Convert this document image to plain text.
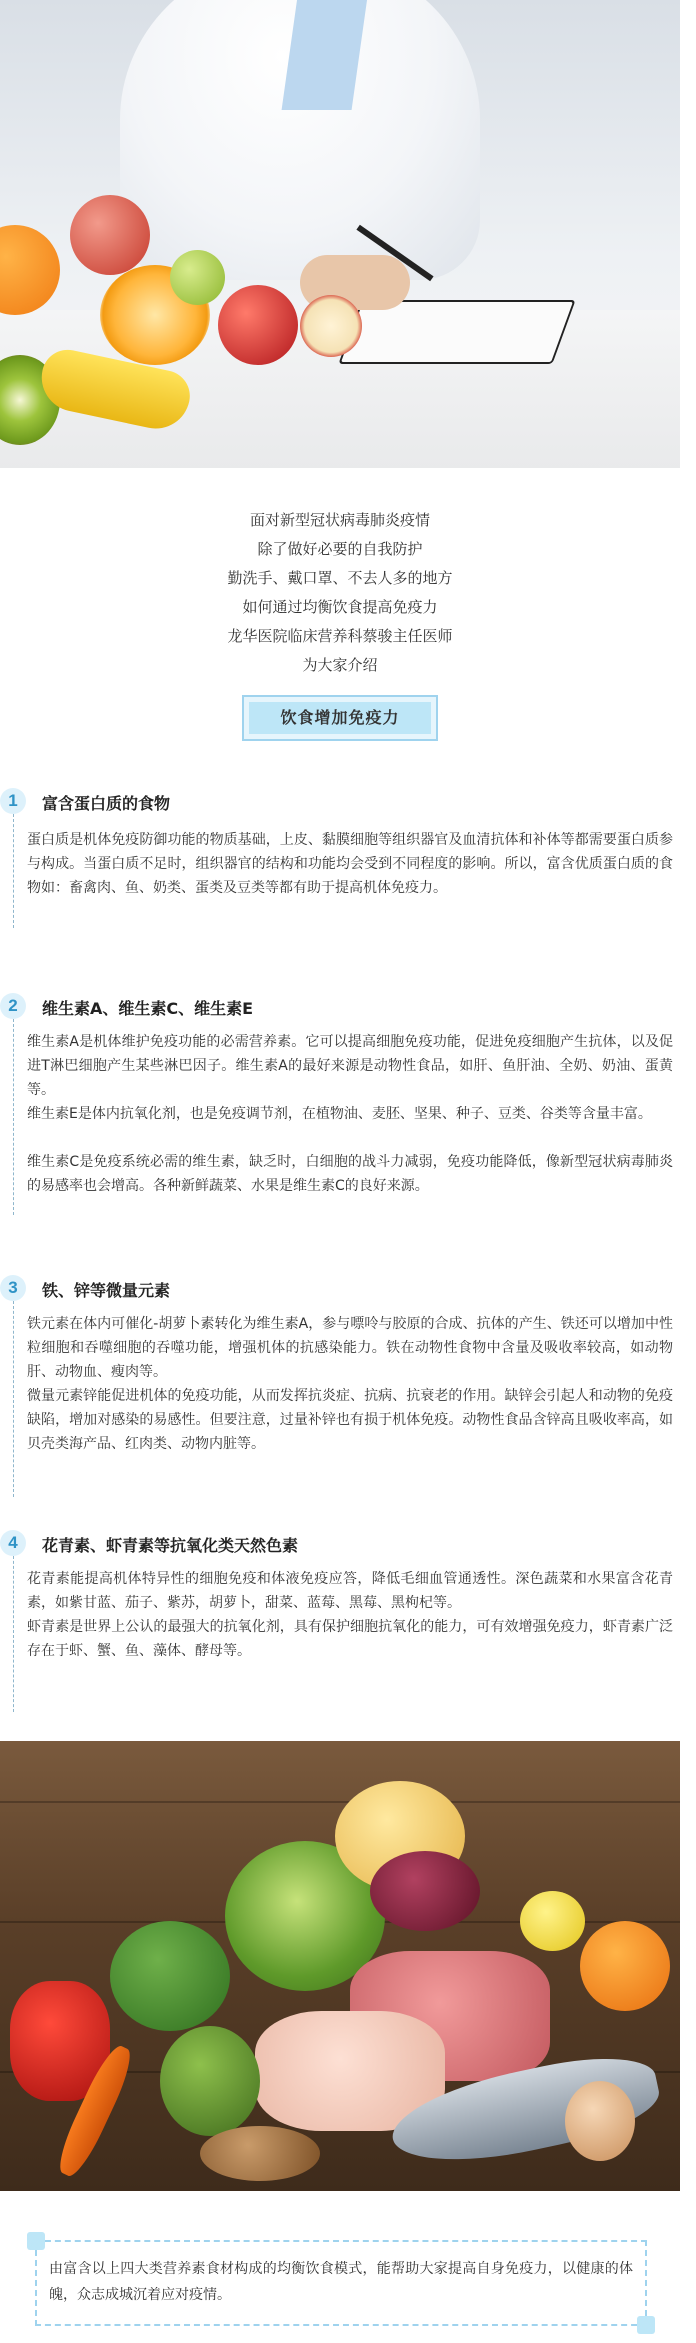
面对新型冠状病毒肺炎疫情
除了做好必要的自我防护
勤洗手、戴口罩、不去人多的地方
如何通过均衡饮食提高免疫力
龙华医院临床营养科蔡骏主任医师
为大家介绍
饮食增加免疫力
1	富含蛋白质的食物

蛋白质是机体免疫防御功能的物质基础，上皮、黏膜细胞等组织器官及血清抗体和补体等都需要蛋白质参与构成。当蛋白质不足时，组织器官的结构和功能均会受到不同程度的影响。所以，富含优质蛋白质的食物如：畜禽肉、鱼、奶类、蛋类及豆类等都有助于提高机体免疫力。

2	维生素A、维生素C、维生素E

维生素A是机体维护免疫功能的必需营养素。它可以提高细胞免疫功能，促进免疫细胞产生抗体，以及促进T淋巴细胞产生某些淋巴因子。维生素A的最好来源是动物性食品，如肝、鱼肝油、全奶、奶油、蛋黄等。

维生素E是体内抗氧化剂，也是免疫调节剂，在植物油、麦胚、坚果、种子、豆类、谷类等含量丰富。

维生素C是免疫系统必需的维生素，缺乏时，白细胞的战斗力减弱，免疫功能降低，像新型冠状病毒肺炎的易感率也会增高。各种新鲜蔬菜、水果是维生素C的良好来源。

3	铁、锌等微量元素

铁元素在体内可催化-胡萝卜素转化为维生素A，参与嘌呤与胶原的合成、抗体的产生、铁还可以增加中性粒细胞和吞噬细胞的吞噬功能，增强机体的抗感染能力。铁在动物性食物中含量及吸收率较高，如动物肝、动物血、瘦肉等。

微量元素锌能促进机体的免疫功能，从而发挥抗炎症、抗病、抗衰老的作用。缺锌会引起人和动物的免疫缺陷，增加对感染的易感性。但要注意，过量补锌也有损于机体免疫。动物性食品含锌高且吸收率高，如贝壳类海产品、红肉类、动物内脏等。

4	花青素、虾青素等抗氧化类天然色素

花青素能提高机体特异性的细胞免疫和体液免疫应答，降低毛细血管通透性。深色蔬菜和水果富含花青素，如紫甘蓝、茄子、紫苏，胡萝卜，甜菜、蓝莓、黑莓、黑枸杞等。

虾青素是世界上公认的最强大的抗氧化剂，具有保护细胞抗氧化的能力，可有效增强免疫力，虾青素广泛存在于虾、蟹、鱼、藻体、酵母等。

由富含以上四大类营养素食材构成的均衡饮食模式，能帮助大家提高自身免疫力，以健康的体魄，众志成城沉着应对疫情。
